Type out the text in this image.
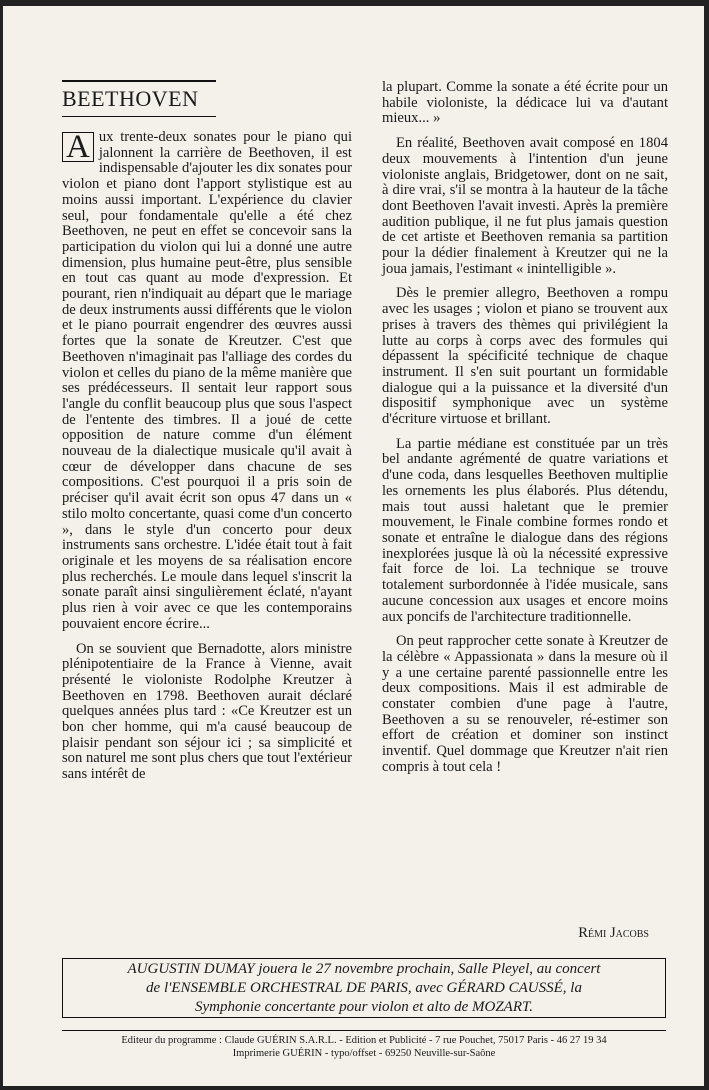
BEETHOVEN

A ux trente-deux sonates pour le piano qui jalonnent la carrière de Beethoven, il est indispensable d'ajouter les dix sonates pour violon et piano dont l'apport stylistique est au moins aussi important. L'expérience du clavier seul, pour fondamentale qu'elle a été chez Beethoven, ne peut en effet se concevoir sans la participation du violon qui lui a donné une autre dimension, plus humaine peut-être, plus sensible en tout cas quant au mode d'expression. Et pourant, rien n'indiquait au départ que le mariage de deux instruments aussi différents que le violon et le piano pourrait engendrer des œuvres aussi fortes que la sonate de Kreutzer. C'est que Beethoven n'imaginait pas l'alliage des cordes du violon et celles du piano de la même manière que ses prédécesseurs. Il sentait leur rapport sous l'angle du conflit beaucoup plus que sous l'aspect de l'entente des timbres. Il a joué de cette opposition de nature comme d'un élément nouveau de la dialectique musicale qu'il avait à cœur de développer dans chacune de ses compositions. C'est pourquoi il a pris soin de préciser qu'il avait écrit son opus 47 dans un « stilo molto concertante, quasi come d'un concerto », dans le style d'un concerto pour deux instruments sans orchestre. L'idée était tout à fait originale et les moyens de sa réalisation encore plus recherchés. Le moule dans lequel s'inscrit la sonate paraît ainsi singulièrement éclaté, n'ayant plus rien à voir avec ce que les contemporains pouvaient encore écrire...

On se souvient que Bernadotte, alors ministre plénipotentiaire de la France à Vienne, avait présenté le violoniste Rodolphe Kreutzer à Beethoven en 1798. Beethoven aurait déclaré quelques années plus tard : «Ce Kreutzer est un bon cher homme, qui m'a causé beaucoup de plaisir pendant son séjour ici ; sa simplicité et son naturel me sont plus chers que tout l'extérieur sans intérêt de

la plupart. Comme la sonate a été écrite pour un habile violoniste, la dédicace lui va d'autant mieux... »

En réalité, Beethoven avait composé en 1804 deux mouvements à l'intention d'un jeune violoniste anglais, Bridgetower, dont on ne sait, à dire vrai, s'il se montra à la hauteur de la tâche dont Beethoven l'avait investi. Après la première audition publique, il ne fut plus jamais question de cet artiste et Beethoven remania sa partition pour la dédier finalement à Kreutzer qui ne la joua jamais, l'estimant « inintelligible ».

Dès le premier allegro, Beethoven a rompu avec les usages ; violon et piano se trouvent aux prises à travers des thèmes qui privilégient la lutte au corps à corps avec des formules qui dépassent la spécificité technique de chaque instrument. Il s'en suit pourtant un formidable dialogue qui a la puissance et la diversité d'un dispositif symphonique avec un système d'écriture virtuose et brillant.

La partie médiane est constituée par un très bel andante agrémenté de quatre variations et d'une coda, dans lesquelles Beethoven multiplie les ornements les plus élaborés. Plus détendu, mais tout aussi haletant que le premier mouvement, le Finale combine formes rondo et sonate et entraîne le dialogue dans des régions inexplorées jusque là où la nécessité expressive fait force de loi. La technique se trouve totalement surbordonnée à l'idée musicale, sans aucune concession aux usages et encore moins aux poncifs de l'architecture traditionnelle.

On peut rapprocher cette sonate à Kreutzer de la célèbre « Appassionata » dans la mesure où il y a une certaine parenté passionnelle entre les deux compositions. Mais il est admirable de constater combien d'une page à l'autre, Beethoven a su se renouveler, ré-estimer son effort de création et dominer son instinct inventif. Quel dommage que Kreutzer n'ait rien compris à tout cela !

Rémi Jacobs
AUGUSTIN DUMAY jouera le 27 novembre prochain, Salle Pleyel, au concert
de l'ENSEMBLE ORCHESTRAL DE PARIS, avec GÉRARD CAUSSÉ, la
Symphonie concertante pour violon et alto de MOZART.
Editeur du programme : Claude GUÉRIN S.A.R.L. - Edition et Publicité - 7 rue Pouchet, 75017 Paris - 46 27 19 34
Imprimerie GUÉRIN - typo/offset - 69250 Neuville-sur-Saône
